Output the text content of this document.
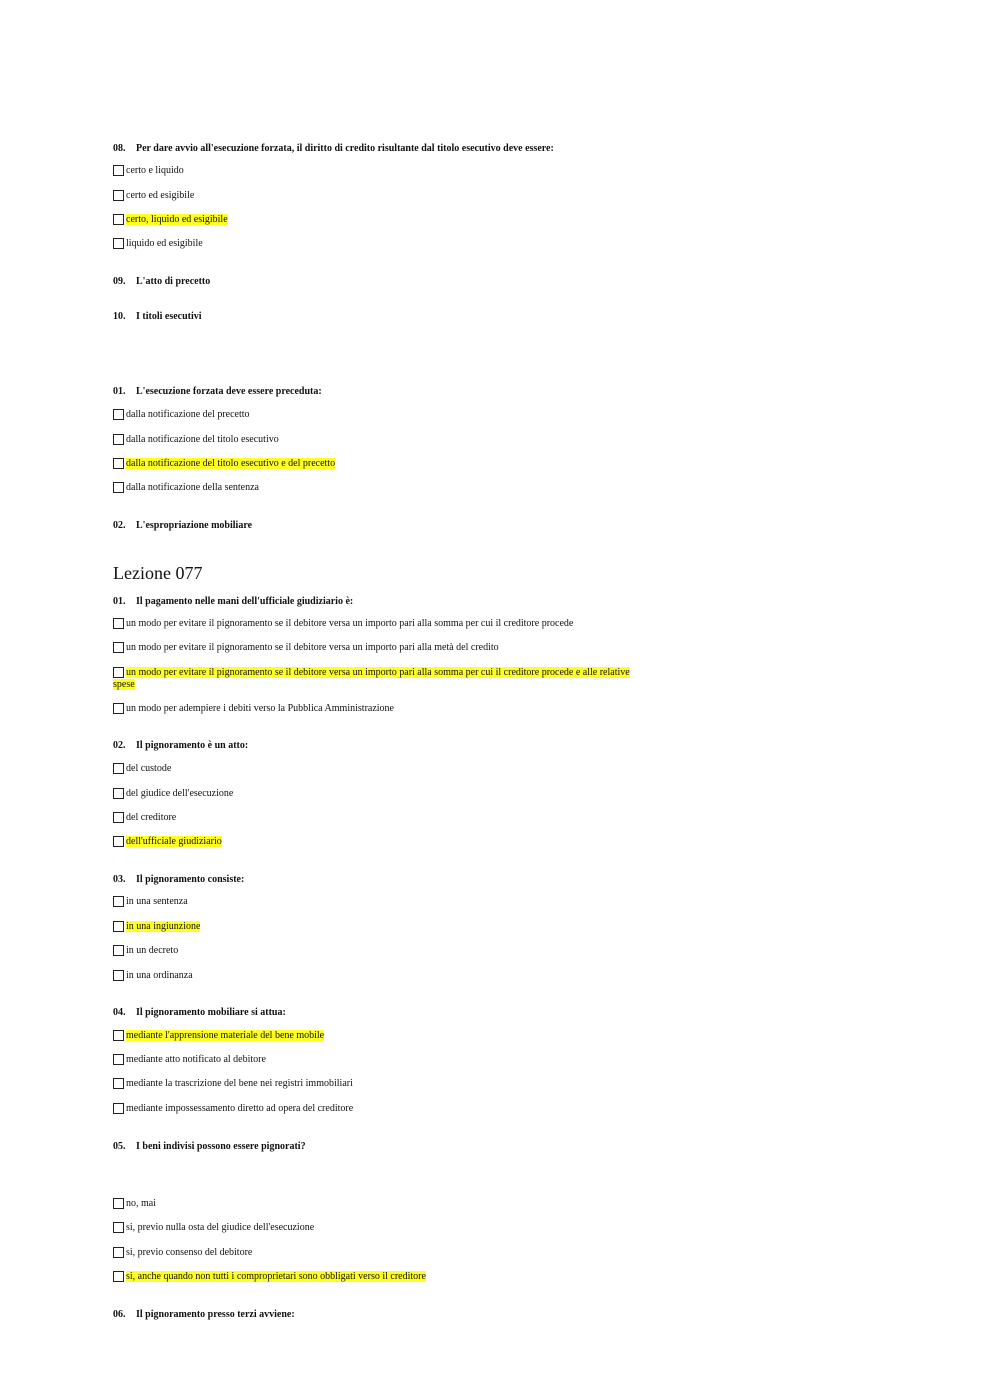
08. Per dare avvio all'esecuzione forzata, il diritto di credito risultante dal titolo esecutivo deve essere:
certo e liquido
certo ed esigibile
certo, liquido ed esigibile
liquido ed esigibile
09. L'atto di precetto
10. I titoli esecutivi
01. L'esecuzione forzata deve essere preceduta:
dalla notificazione del precetto
dalla notificazione del titolo esecutivo
dalla notificazione del titolo esecutivo e del precetto
dalla notificazione della sentenza
02. L'espropriazione mobiliare
Lezione 077
01. Il pagamento nelle mani dell'ufficiale giudiziario è:
un modo per evitare il pignoramento se il debitore versa un importo pari alla somma per cui il creditore procede
un modo per evitare il pignoramento se il debitore versa un importo pari alla metà del credito
un modo per evitare il pignoramento se il debitore versa un importo pari alla somma per cui il creditore procede e alle relative spese
un modo per adempiere i debiti verso la Pubblica Amministrazione
02. Il pignoramento è un atto:
del custode
del giudice dell'esecuzione
del creditore
dell'ufficiale giudiziario
03. Il pignoramento consiste:
in una sentenza
in una ingiunzione
in un decreto
in una ordinanza
04. Il pignoramento mobiliare si attua:
mediante l'apprensione materiale del bene mobile
mediante atto notificato al debitore
mediante la trascrizione del bene nei registri immobiliari
mediante impossessamento diretto ad opera del creditore
05. I beni indivisi possono essere pignorati?
no, mai
si, previo nulla osta del giudice dell'esecuzione
si, previo consenso del debitore
si, anche quando non tutti i comproprietari sono obbligati verso il creditore
06. Il pignoramento presso terzi avviene:
